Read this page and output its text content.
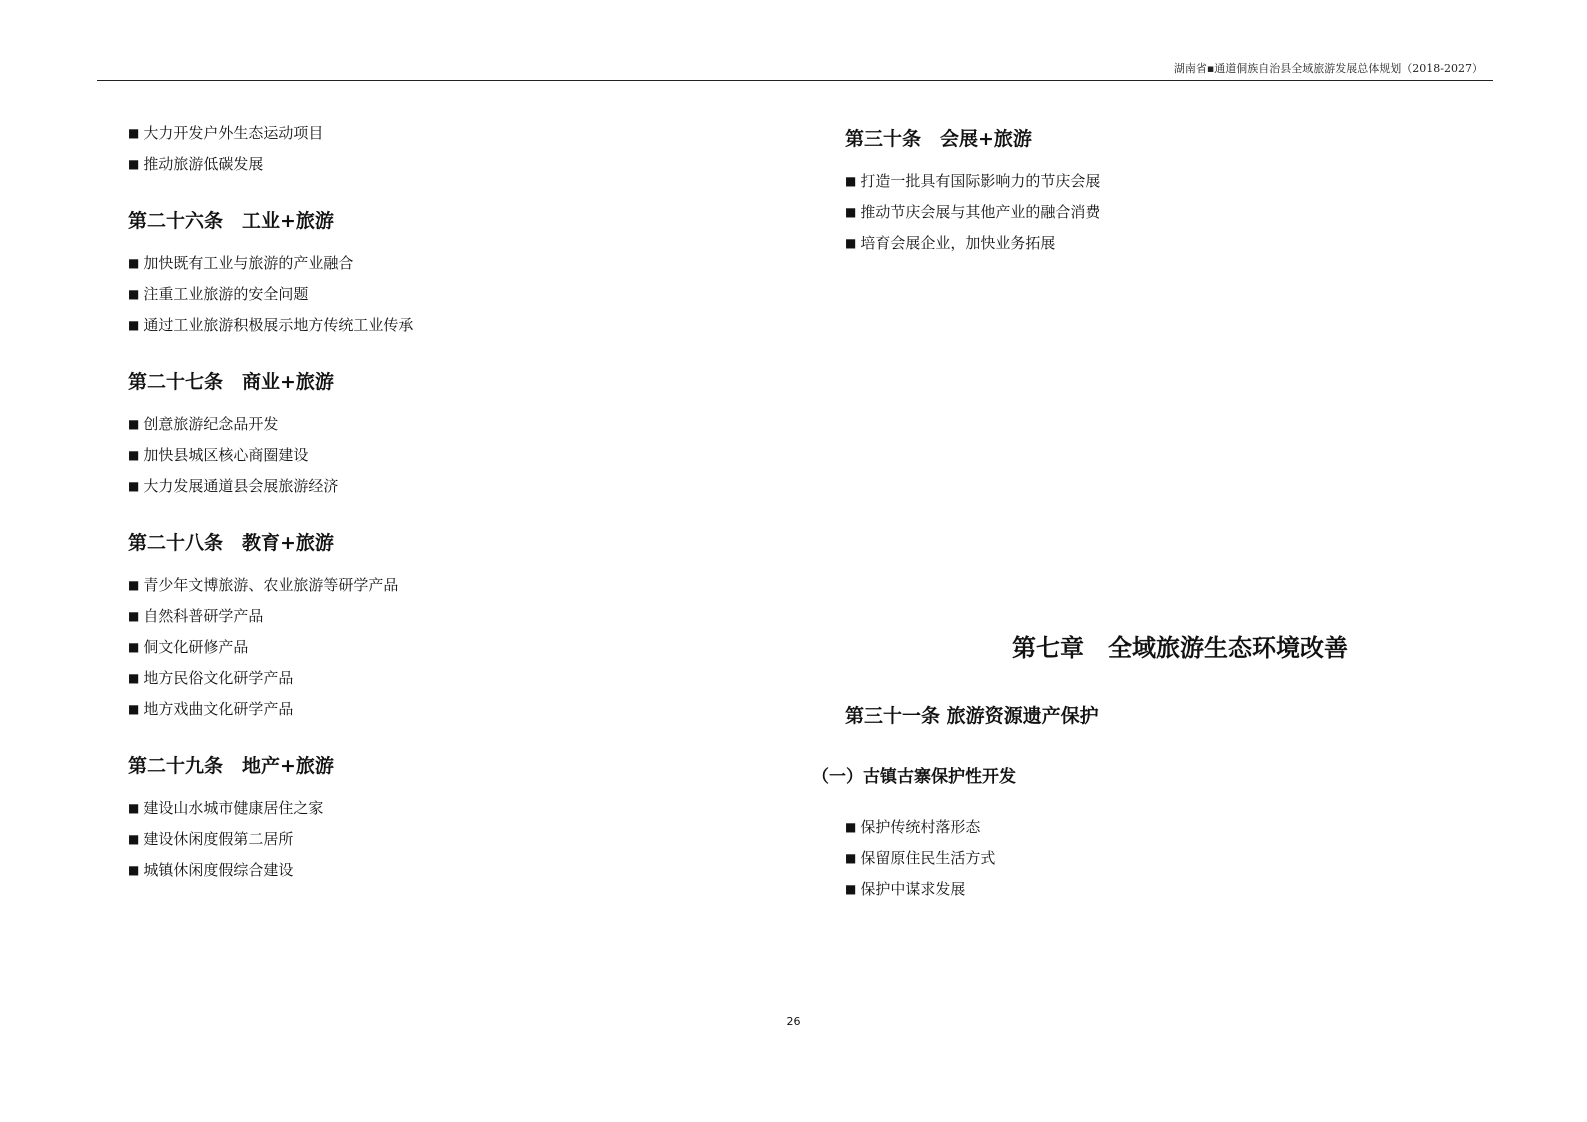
湖南省▪通道侗族自治县全域旅游发展总体规划（2018-2027）
■ 大力开发户外生态运动项目
■ 推动旅游低碳发展
第二十六条　工业+旅游
■ 加快既有工业与旅游的产业融合
■ 注重工业旅游的安全问题
■ 通过工业旅游积极展示地方传统工业传承
第二十七条　商业+旅游
■ 创意旅游纪念品开发
■ 加快县城区核心商圈建设
■ 大力发展通道县会展旅游经济
第二十八条　教育+旅游
■ 青少年文博旅游、农业旅游等研学产品
■ 自然科普研学产品
■ 侗文化研修产品
■ 地方民俗文化研学产品
■ 地方戏曲文化研学产品
第二十九条　地产+旅游
■ 建设山水城市健康居住之家
■ 建设休闲度假第二居所
■ 城镇休闲度假综合建设
第三十条　会展+旅游
■ 打造一批具有国际影响力的节庆会展
■ 推动节庆会展与其他产业的融合消费
■ 培育会展企业，加快业务拓展
第七章　全域旅游生态环境改善
第三十一条 旅游资源遗产保护
（一）古镇古寨保护性开发
■ 保护传统村落形态
■ 保留原住民生活方式
■ 保护中谋求发展
26
